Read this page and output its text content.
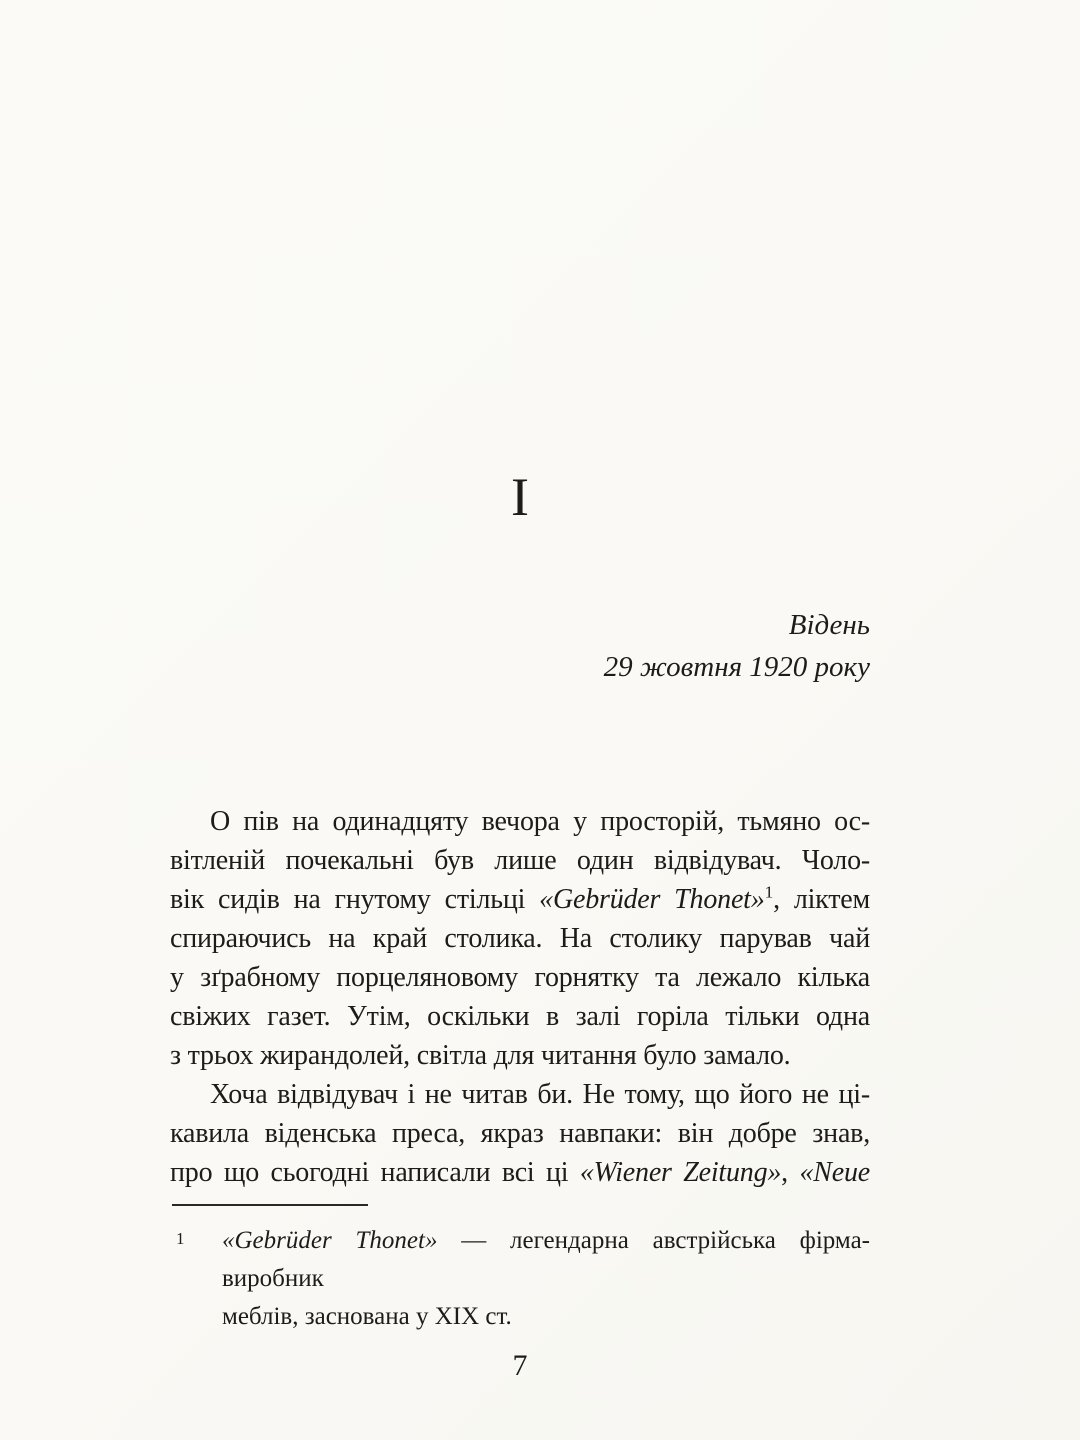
I
Відень
29 жовтня 1920 року
О пів на одинадцяту вечора у просторій, тьмяно ос-
вітленій почекальні був лише один відвідувач. Чоло-
вік сидів на гнутому стільці «Gebrüder Thonet»$^1$, ліктем
спираючись на край столика. На столику парував чай
у зґрабному порцеляновому горнятку та лежало кілька
свіжих газет. Утім, оскільки в залі горіла тільки одна
з трьох жирандолей, світла для читання було замало.
Хоча відвідувач і не читав би. Не тому, що його не ці-
кавила віденська преса, якраз навпаки: він добре знав,
про що сьогодні написали всі ці «Wiener Zeitung», «Neue
1 «Gebrüder Thonet» — легендарна австрійська фірма-виробник
меблів, заснована у XIX ст.
7
